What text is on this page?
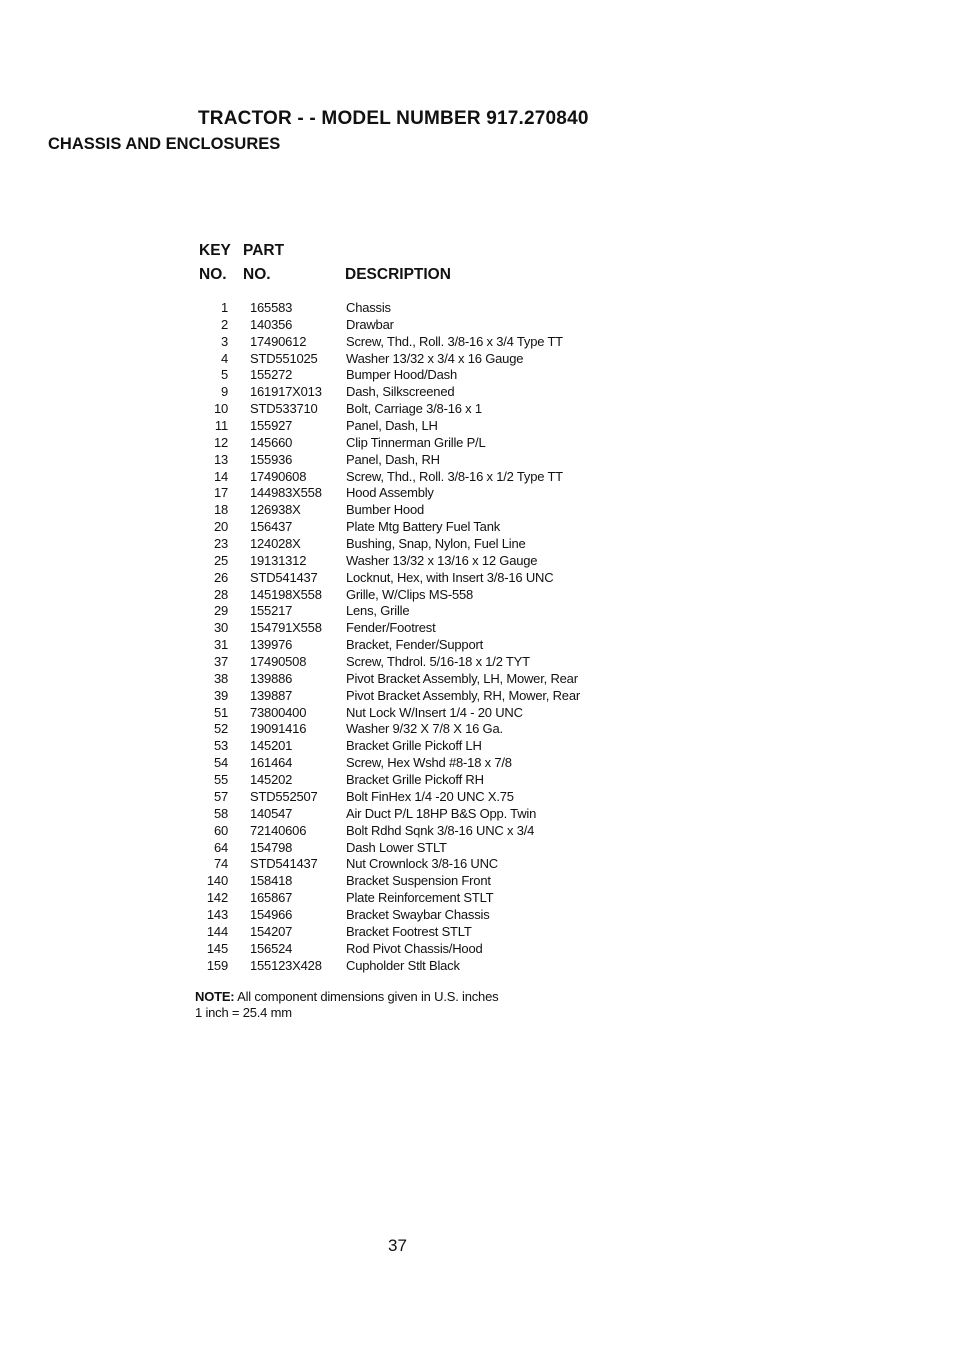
TRACTOR - - MODEL NUMBER 917.270840
CHASSIS AND ENCLOSURES
KEY PART
NO. NO.	DESCRIPTION
1 165583	Chassis
2 140356	Drawbar
3 17490612	Screw, Thd., Roll. 3/8-16 x 3/4 Type TT
4 STD551025 Washer 13/32 x 3/4 x 16 Gauge
5 155272	Bumper Hood/Dash
9 161917X013 Dash, Silkscreened
10 STD533710 Bolt, Carriage 3/8-16 x 1
11 155927	Panel, Dash, LH
12 145660	Clip Tinnerman Grille P/L
13 155936	Panel, Dash, RH
14 17490608	Screw, Thd., Roll. 3/8-16 x 1/2 Type TT
17 144983X558 Hood Assembly
18 126938X	Bumber Hood
20 156437	Plate Mtg Battery Fuel Tank
23 124028X	Bushing, Snap, Nylon, Fuel Line
25 19131312	Washer 13/32 x 13/16 x 12 Gauge
26 STD541437 Locknut, Hex, with Insert 3/8-16 UNC
28 145198X558 Grille, W/Clips MS-558
29 155217	Lens, Grille
30 154791X558 Fender/Footrest
31 139976	Bracket, Fender/Support
37 17490508	Screw, Thdrol. 5/16-18 x 1/2 TYT
38 139886	Pivot Bracket Assembly, LH, Mower, Rear
39 139887	Pivot Bracket Assembly, RH, Mower, Rear
51 73800400	Nut Lock W/Insert 1/4 - 20 UNC
52 19091416	Washer 9/32 X 7/8 X 16 Ga.
53 145201	Bracket Grille Pickoff LH
54 161464	Screw, Hex Wshd #8-18 x 7/8
55 145202	Bracket Grille Pickoff RH
57 STD552507 Bolt FinHex 1/4 -20 UNC X.75
58 140547	Air Duct P/L 18HP B&S Opp. Twin
60 72140606	Bolt Rdhd Sqnk 3/8-16 UNC x 3/4
64 154798	Dash Lower STLT
74 STD541437 Nut Crownlock 3/8-16 UNC
140 158418	Bracket Suspension Front
142 165867	Plate Reinforcement STLT
143 154966	Bracket Swaybar Chassis
144 154207	Bracket Footrest STLT
145 156524	Rod Pivot Chassis/Hood
159 155123X428 Cupholder Stlt Black
NOTE: All component dimensions given in U.S. inches
1 inch = 25.4 mm
37
